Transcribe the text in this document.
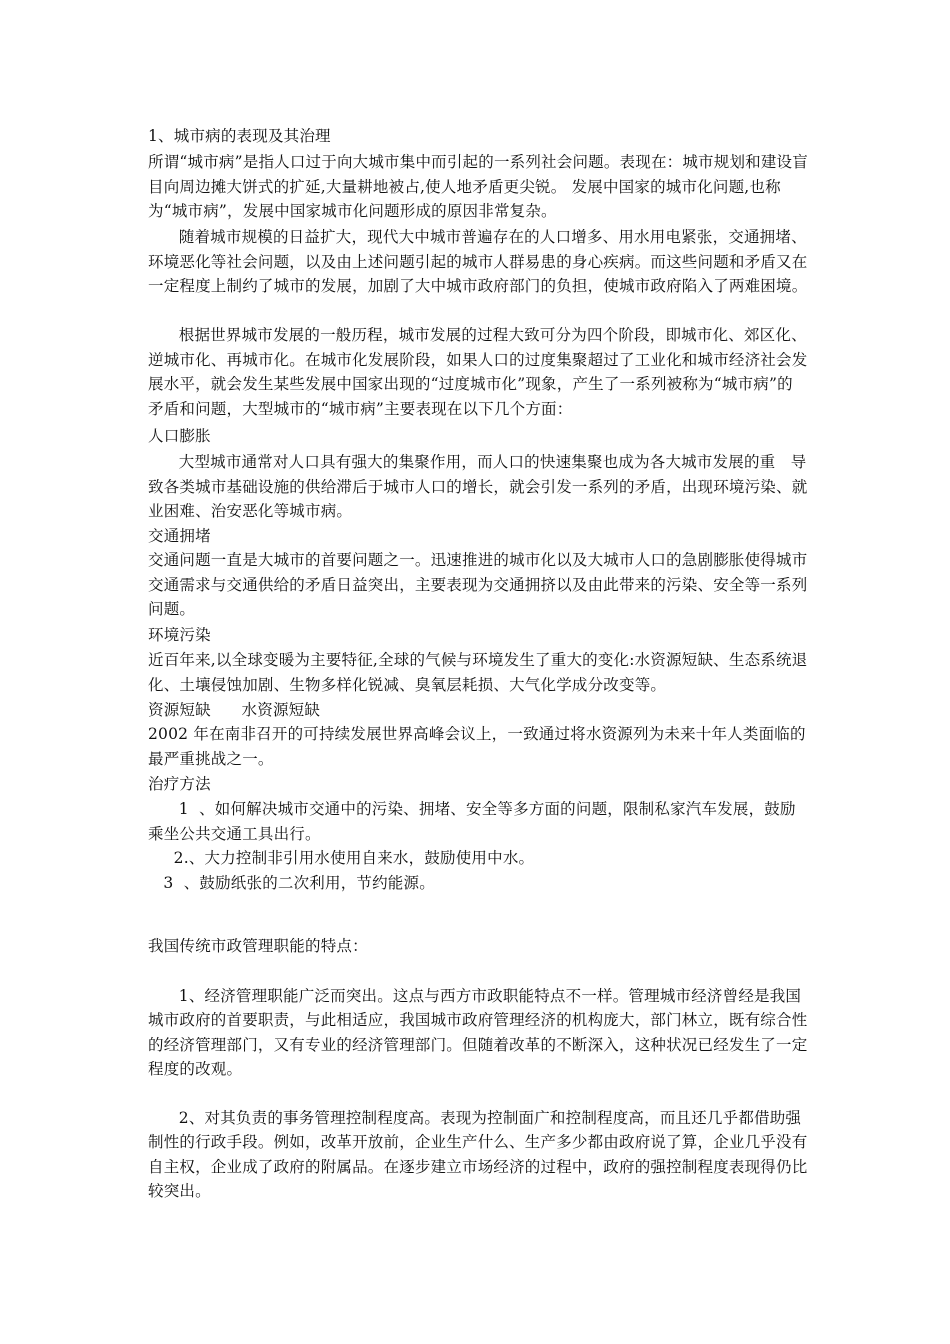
1、城市病的表现及其治理
所谓“城市病”是指人口过于向大城市集中而引起的一系列社会问题。表现在：城市规划和建设盲目向周边摊大饼式的扩延,大量耕地被占,使人地矛盾更尖锐。 发展中国家的城市化问题,也称为“城市病”，发展中国家城市化问题形成的原因非常复杂。
随着城市规模的日益扩大，现代大中城市普遍存在的人口增多、用水用电紧张，交通拥堵、环境恶化等社会问题，以及由上述问题引起的城市人群易患的身心疾病。而这些问题和矛盾又在一定程度上制约了城市的发展，加剧了大中城市政府部门的负担，使城市政府陷入了两难困境。
根据世界城市发展的一般历程，城市发展的过程大致可分为四个阶段，即城市化、郊区化、逆城市化、再城市化。在城市化发展阶段，如果人口的过度集聚超过了工业化和城市经济社会发展水平，就会发生某些发展中国家出现的“过度城市化”现象，产生了一系列被称为“城市病”的矛盾和问题，大型城市的“城市病”主要表现在以下几个方面：
人口膨胀
大型城市通常对人口具有强大的集聚作用，而人口的快速集聚也成为各大城市发展的重   导致各类城市基础设施的供给滞后于城市人口的增长，就会引发一系列的矛盾，出现环境污染、就业困难、治安恶化等城市病。
交通拥堵
交通问题一直是大城市的首要问题之一。迅速推进的城市化以及大城市人口的急剧膨胀使得城市交通需求与交通供给的矛盾日益突出，主要表现为交通拥挤以及由此带来的污染、安全等一系列问题。
环境污染
近百年来,以全球变暖为主要特征,全球的气候与环境发生了重大的变化:水资源短缺、生态系统退化、土壤侵蚀加剧、生物多样化锐减、臭氧层耗损、大气化学成分改变等。
资源短缺      水资源短缺
2002 年在南非召开的可持续发展世界高峰会议上，一致通过将水资源列为未来十年人类面临的最严重挑战之一。
治疗方法
1  、如何解决城市交通中的污染、拥堵、安全等多方面的问题，限制私家汽车发展，鼓励乘坐公共交通工具出行。
2.、大力控制非引用水使用自来水，鼓励使用中水。
3  、鼓励纸张的二次利用，节约能源。
我国传统市政管理职能的特点：
1、经济管理职能广泛而突出。这点与西方市政职能特点不一样。管理城市经济曾经是我国城市政府的首要职责，与此相适应，我国城市政府管理经济的机构庞大，部门林立，既有综合性的经济管理部门，又有专业的经济管理部门。但随着改革的不断深入，这种状况已经发生了一定程度的改观。
2、对其负责的事务管理控制程度高。表现为控制面广和控制程度高，而且还几乎都借助强制性的行政手段。例如，改革开放前，企业生产什么、生产多少都由政府说了算，企业几乎没有自主权，企业成了政府的附属品。在逐步建立市场经济的过程中，政府的强控制程度表现得仍比较突出。
